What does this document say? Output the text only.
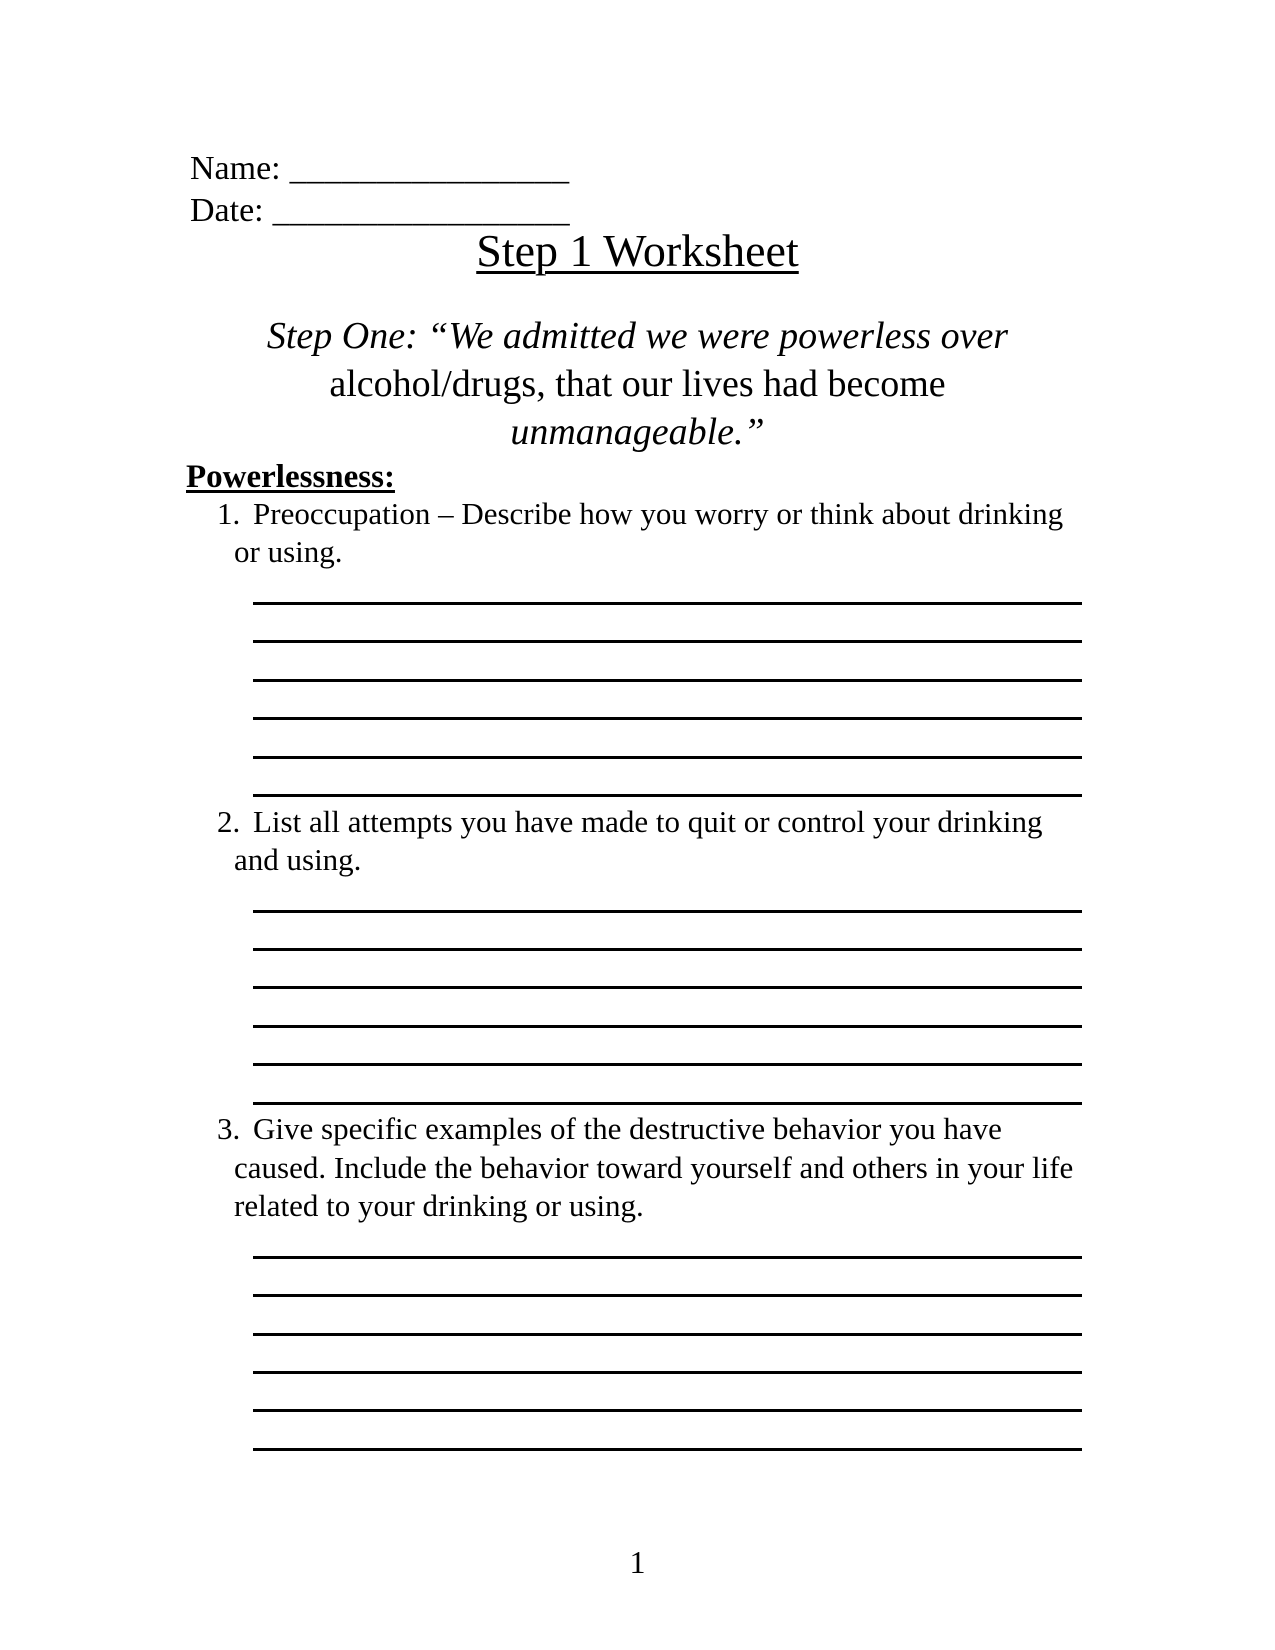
Name: ________________
Date: _________________
Step 1 Worksheet
Step One: “We admitted we were powerless over
alcohol/drugs, that our lives had become
unmanageable.”
Powerlessness:
1. Preoccupation – Describe how you worry or think about drinking or using.
2. List all attempts you have made to quit or control your drinking and using.
3. Give specific examples of the destructive behavior you have caused. Include the behavior toward yourself and others in your life related to your drinking or using.
1
